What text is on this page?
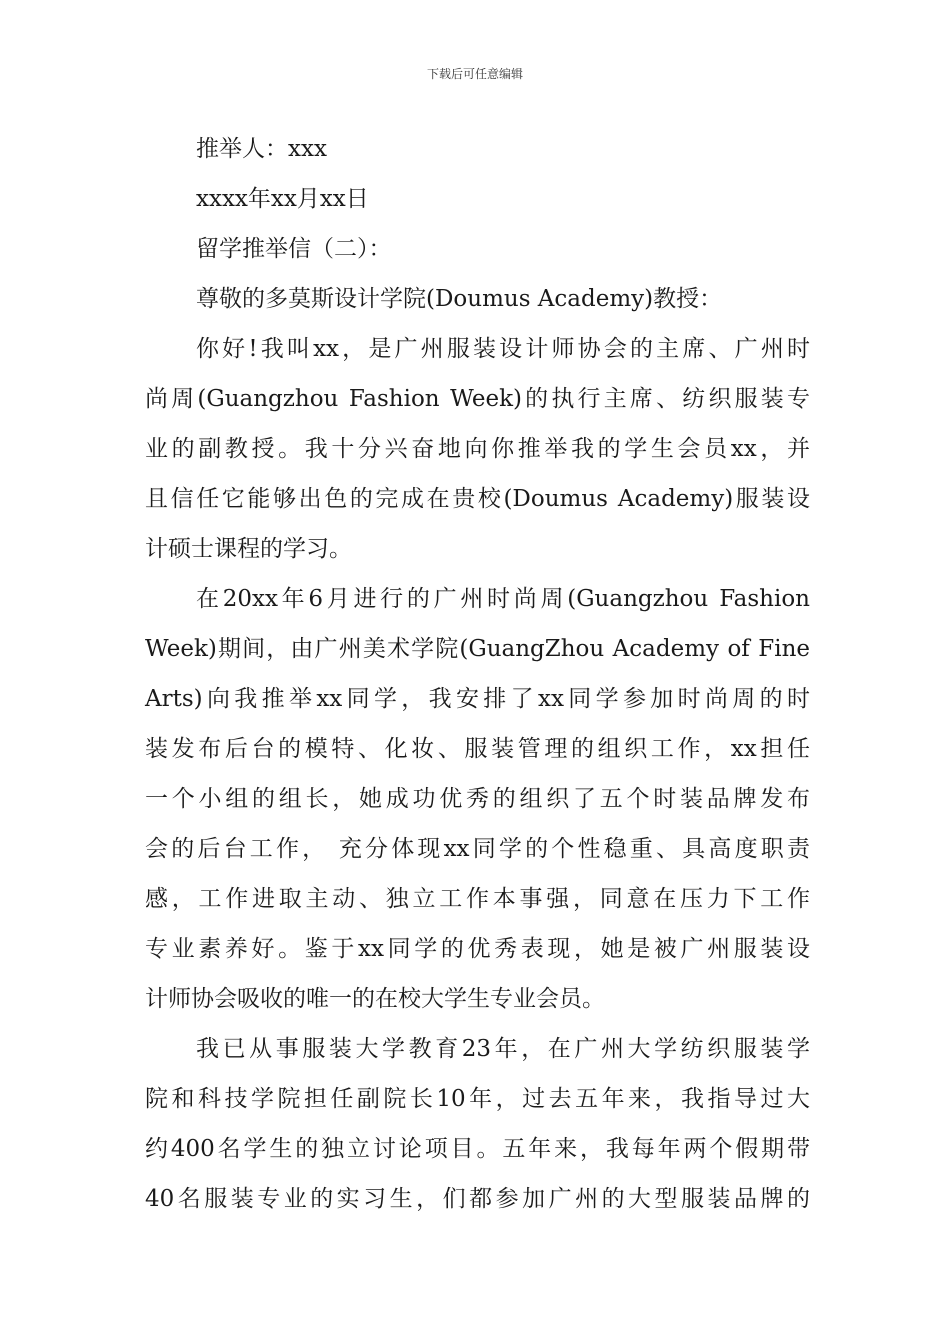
下载后可任意编辑
推举人：xxx
xxxx年xx月xx日
留学推举信（二）：
尊敬的多莫斯设计学院(Doumus Academy)教授：
你好!我叫xx，是广州服装设计师协会的主席、广州时
尚周(Guangzhou Fashion Week)的执行主席、纺织服装专
业的副教授。我十分兴奋地向你推举我的学生会员xx，并
且信任它能够出色的完成在贵校(Doumus Academy)服装设
计硕士课程的学习。
在20xx年6月进行的广州时尚周(Guangzhou Fashion
Week)期间，由广州美术学院(GuangZhou Academy of Fine
Arts)向我推举xx同学，我安排了xx同学参加时尚周的时
装发布后台的模特、化妆、服装管理的组织工作，xx担任
一个小组的组长，她成功优秀的组织了五个时装品牌发布
会的后台工作， 充分体现xx同学的个性稳重、具高度职责
感，工作进取主动、独立工作本事强，同意在压力下工作
专业素养好。鉴于xx同学的优秀表现，她是被广州服装设
计师协会吸收的唯一的在校大学生专业会员。
我已从事服装大学教育23年，在广州大学纺织服装学
院和科技学院担任副院长10年，过去五年来，我指导过大
约400名学生的独立讨论项目。五年来，我每年两个假期带
40名服装专业的实习生，们都参加广州的大型服装品牌的
